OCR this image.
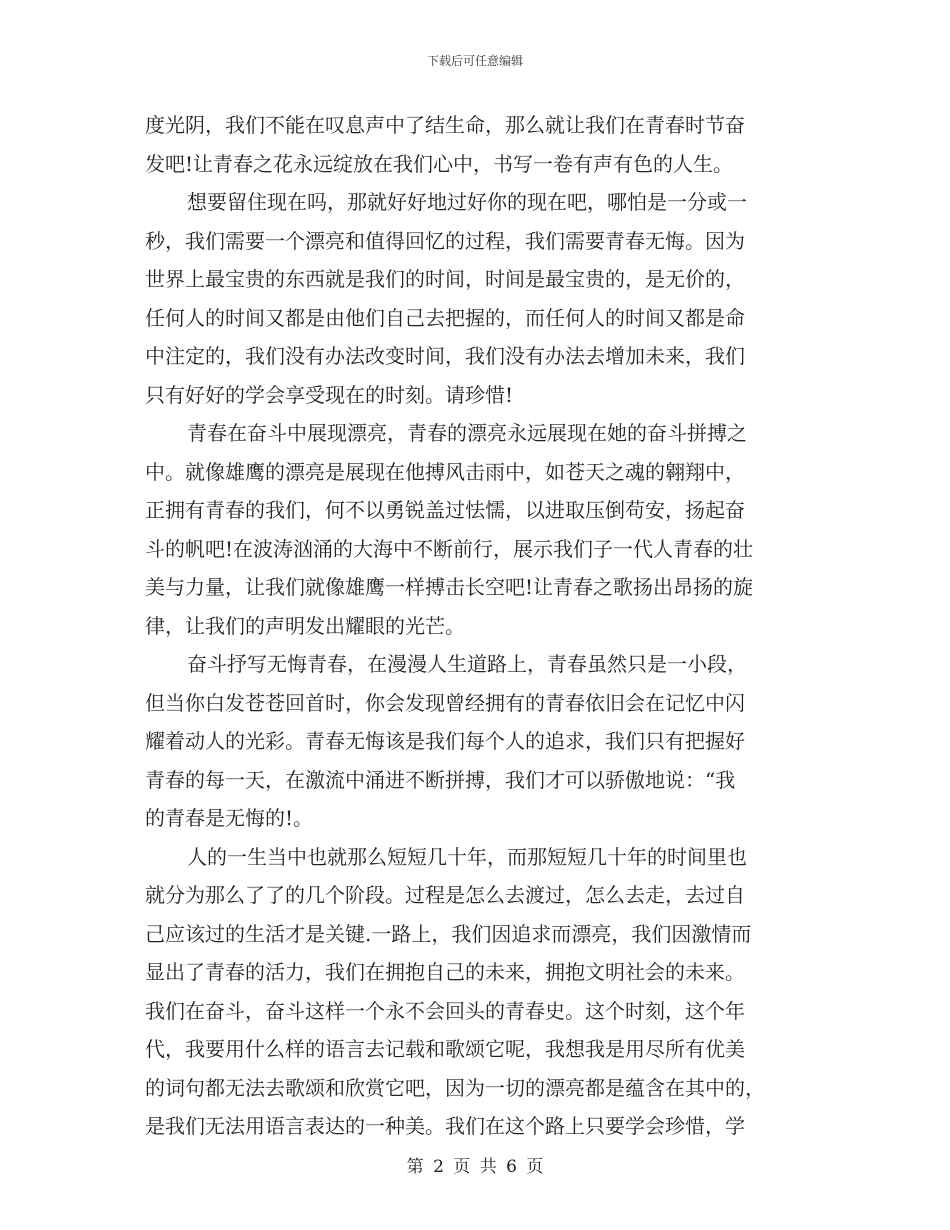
下载后可任意编辑
度光阴，我们不能在叹息声中了结生命，那么就让我们在青春时节奋
发吧!让青春之花永远绽放在我们心中，书写一卷有声有色的人生。
想要留住现在吗，那就好好地过好你的现在吧，哪怕是一分或一
秒，我们需要一个漂亮和值得回忆的过程，我们需要青春无悔。因为
世界上最宝贵的东西就是我们的时间，时间是最宝贵的，是无价的，
任何人的时间又都是由他们自己去把握的，而任何人的时间又都是命
中注定的，我们没有办法改变时间，我们没有办法去增加未来，我们
只有好好的学会享受现在的时刻。请珍惜!
青春在奋斗中展现漂亮，青春的漂亮永远展现在她的奋斗拼搏之
中。就像雄鹰的漂亮是展现在他搏风击雨中，如苍天之魂的翱翔中，
正拥有青春的我们，何不以勇锐盖过怯懦，以进取压倒苟安，扬起奋
斗的帆吧!在波涛汹涌的大海中不断前行，展示我们子一代人青春的壮
美与力量，让我们就像雄鹰一样搏击长空吧!让青春之歌扬出昂扬的旋
律，让我们的声明发出耀眼的光芒。
奋斗抒写无悔青春，在漫漫人生道路上，青春虽然只是一小段，
但当你白发苍苍回首时，你会发现曾经拥有的青春依旧会在记忆中闪
耀着动人的光彩。青春无悔该是我们每个人的追求，我们只有把握好
青春的每一天，在激流中涌进不断拼搏，我们才可以骄傲地说：“我
的青春是无悔的!。
人的一生当中也就那么短短几十年，而那短短几十年的时间里也
就分为那么了了的几个阶段。过程是怎么去渡过，怎么去走，去过自
己应该过的生活才是关键.一路上，我们因追求而漂亮，我们因激情而
显出了青春的活力，我们在拥抱自己的未来，拥抱文明社会的未来。
我们在奋斗，奋斗这样一个永不会回头的青春史。这个时刻，这个年
代，我要用什么样的语言去记载和歌颂它呢，我想我是用尽所有优美
的词句都无法去歌颂和欣赏它吧，因为一切的漂亮都是蕴含在其中的，
是我们无法用语言表达的一种美。我们在这个路上只要学会珍惜，学
第 2 页 共 6 页
